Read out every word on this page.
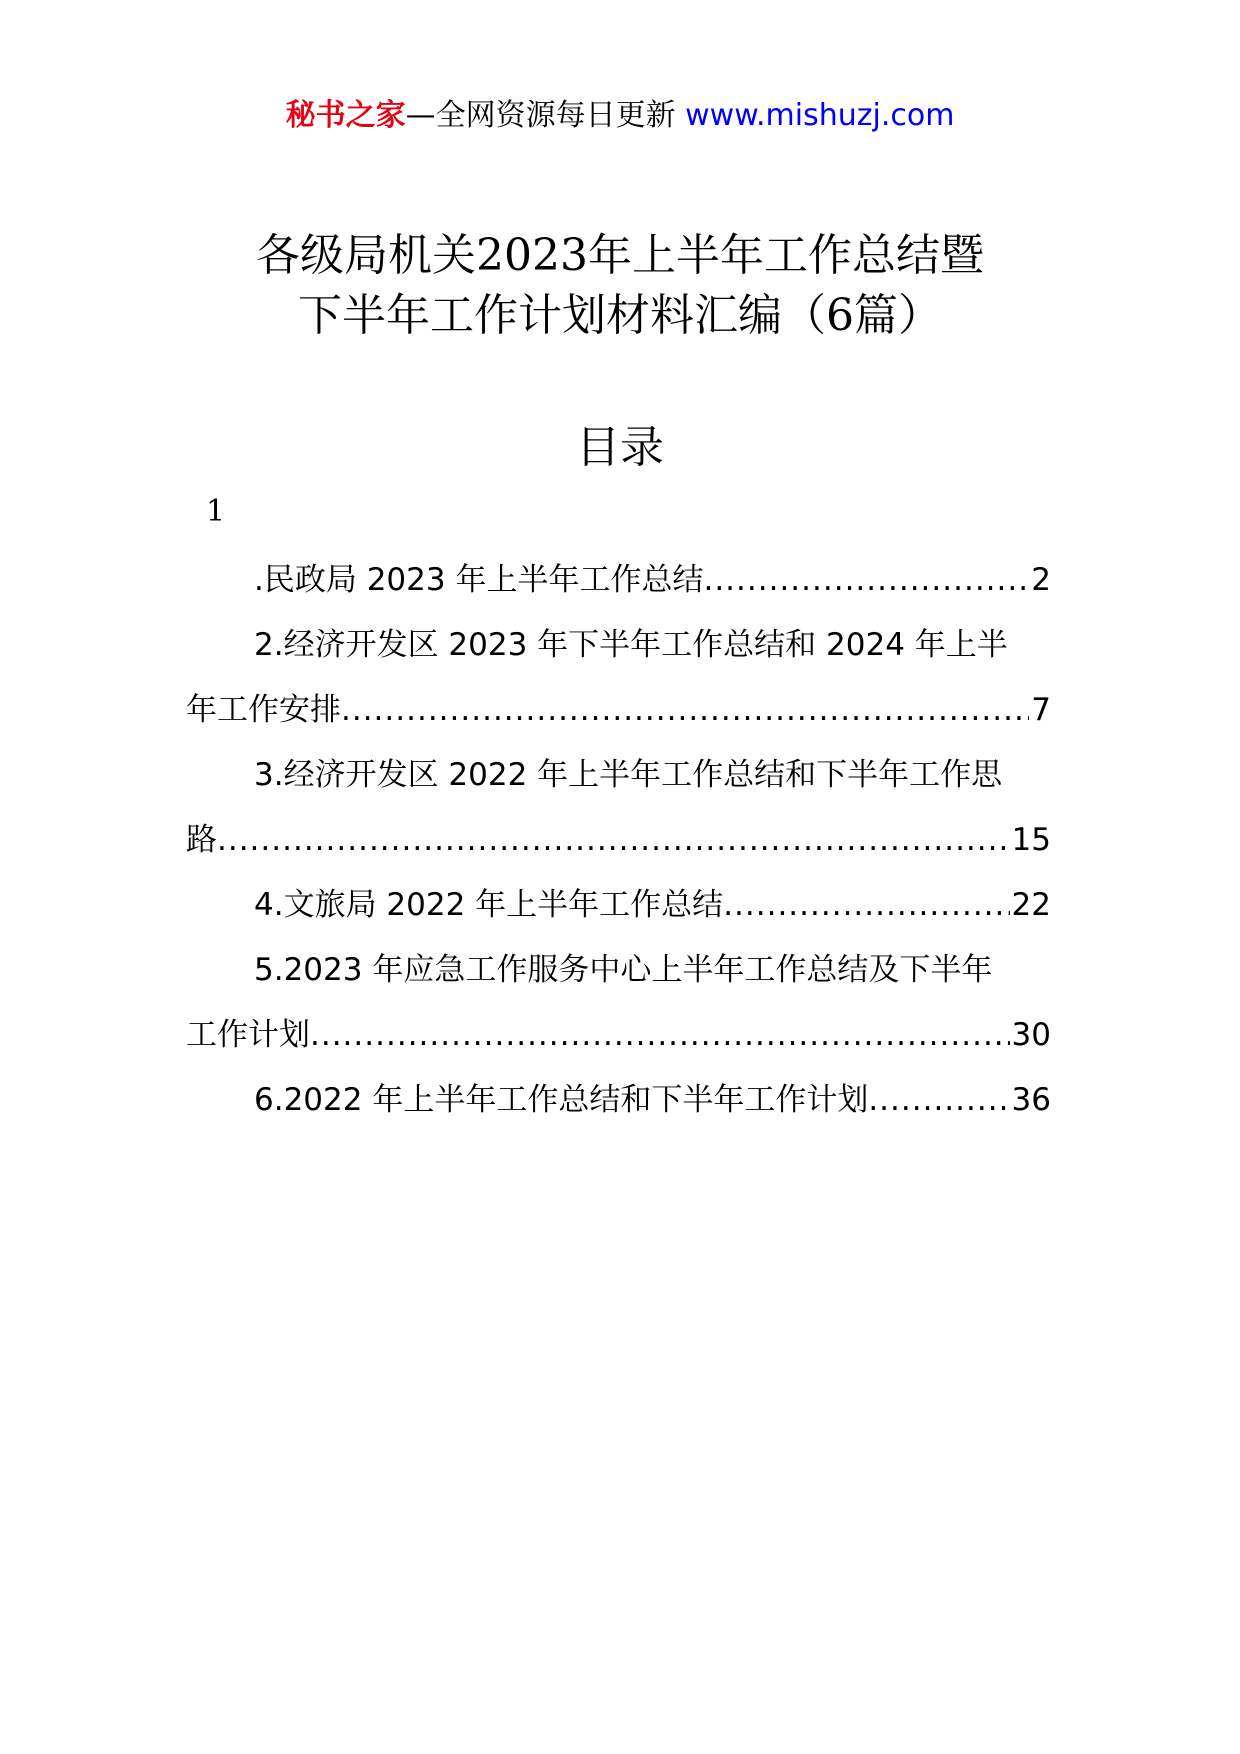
秘书之家—全网资源每日更新 www.mishuzj.com
各级局机关2023年上半年工作总结暨
下半年工作计划材料汇编（6篇）
目录
1
.民政局 2023 年上半年工作总结 .....	2
2.经济开发区 2023 年下半年工作总结和 2024 年上半
年工作安排 .....	7
3.经济开发区 2022 年上半年工作总结和下半年工作思
路 .....	15
4.文旅局 2022 年上半年工作总结 .....	22
5.2023 年应急工作服务中心上半年工作总结及下半年
工作计划 .....	30
6.2022 年上半年工作总结和下半年工作计划 .....	36
